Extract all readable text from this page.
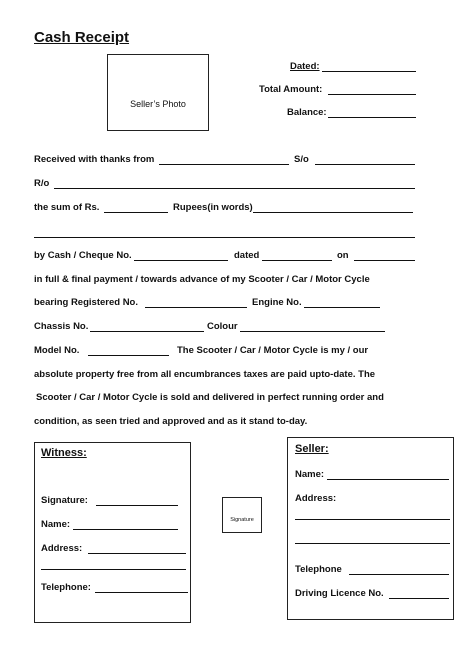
Cash Receipt
Seller’s Photo
Dated:
Total Amount:
Balance:
Received with thanks from	S/o
R/o
the sum of Rs.	Rupees(in words)
by Cash / Cheque No.	dated	on
in full & final payment / towards advance of my Scooter / Car / Motor Cycle
bearing Registered No.	Engine No.
Chassis No.	Colour
Model No.	The Scooter / Car / Motor Cycle is my / our
absolute property free from all encumbrances taxes are paid upto-date. The
Scooter / Car / Motor Cycle is sold and delivered in perfect running order and
condition, as seen tried and approved and as it stand to-day.
Witness:
Signature:
Name:
Address:
Telephone:
Signature
Seller:
Name:
Address:
Telephone
Driving Licence No.
